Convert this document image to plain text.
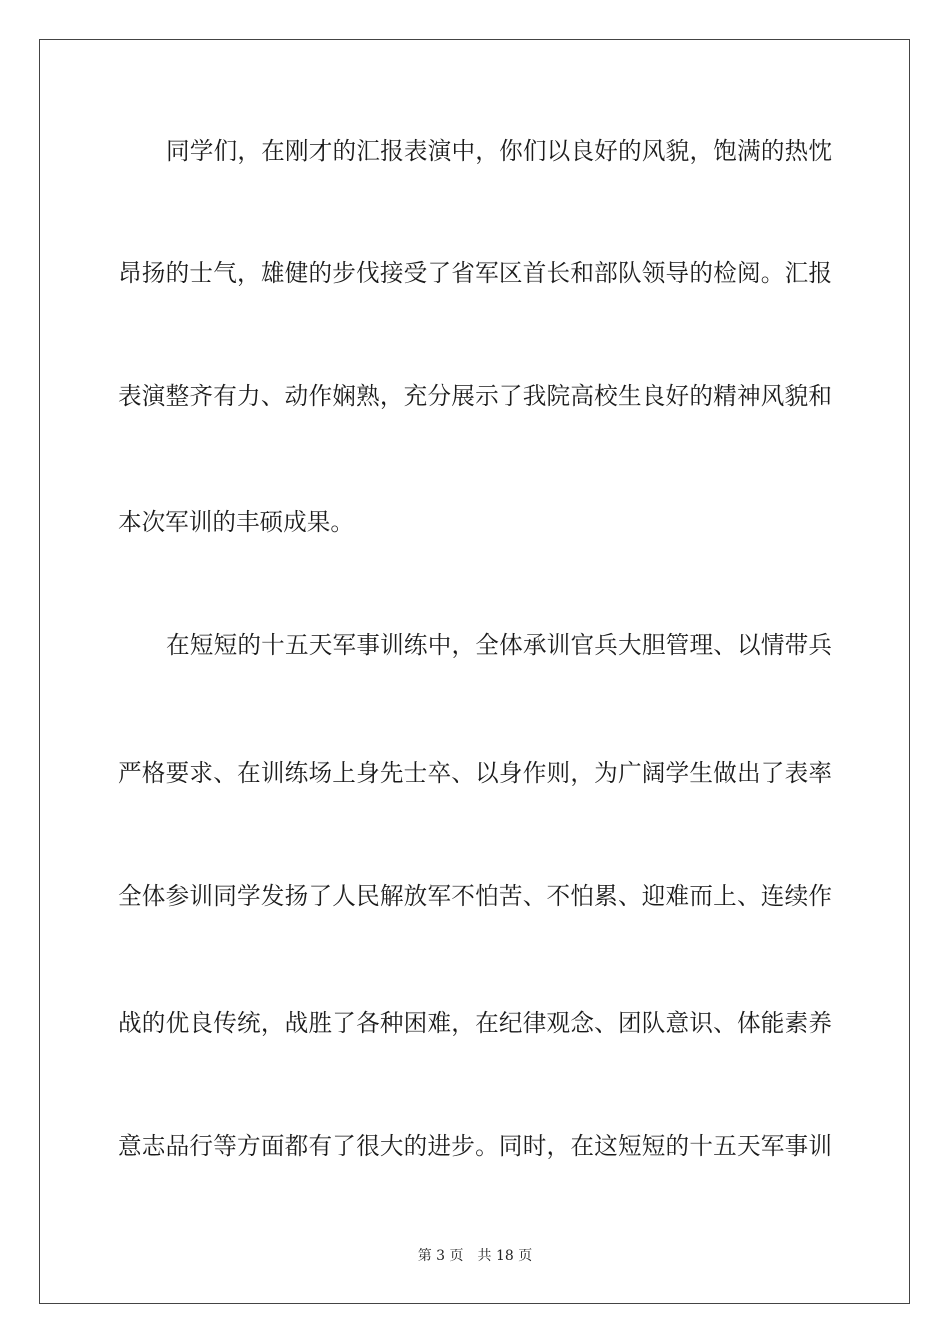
同学们，在刚才的汇报表演中，你们以良好的风貌，饱满的热忱
昂扬的士气，雄健的步伐接受了省军区首长和部队领导的检阅。汇报
表演整齐有力、动作娴熟，充分展示了我院高校生良好的精神风貌和
本次军训的丰硕成果。
在短短的十五天军事训练中，全体承训官兵大胆管理、以情带兵
严格要求、在训练场上身先士卒、以身作则，为广阔学生做出了表率
全体参训同学发扬了人民解放军不怕苦、不怕累、迎难而上、连续作
战的优良传统，战胜了各种困难，在纪律观念、团队意识、体能素养
意志品行等方面都有了很大的进步。同时，在这短短的十五天军事训
第 3 页 共 18 页
